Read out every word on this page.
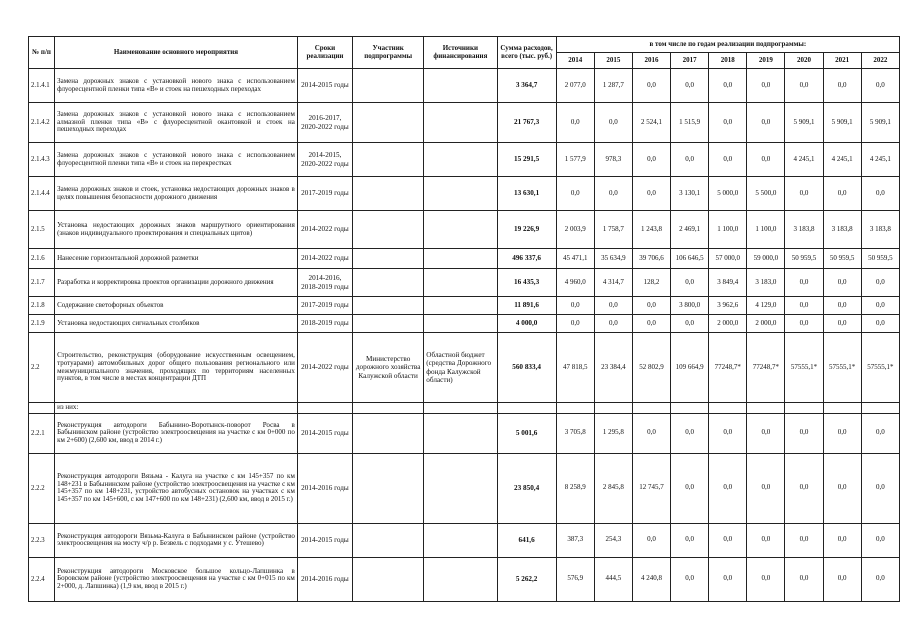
№ п/п	Наименование основного мероприятия	Сроки реализации	Участник подпрограммы	Источники финансирования	Сумма расходов, всего (тыс. руб.)	в том числе по годам реализации подпрограммы:								
						2014	2015	2016	2017	2018	2019	2020	2021	2022
2.1.4.1	Замена дорожных знаков с установкой нового знака с использованием флуоресцентной пленки типа «В» и стоек на пешеходных переходах	2014-2015 годы			3 364,7	2 077,0	1 287,7	0,0	0,0	0,0	0,0	0,0	0,0	0,0
2.1.4.2	Замена дорожных знаков с установкой нового знака с использованием алмазной пленки типа «В» с флуоресцентной окантовкой и стоек на пешеходных переходах	2016-2017, 2020-2022 годы			21 767,3	0,0	0,0	2 524,1	1 515,9	0,0	0,0	5 909,1	5 909,1	5 909,1
2.1.4.3	Замена дорожных знаков с установкой нового знака с использованием флуоресцентной пленки типа «В» и стоек на перекрестках	2014-2015, 2020-2022 годы			15 291,5	1 577,9	978,3	0,0	0,0	0,0	0,0	4 245,1	4 245,1	4 245,1
2.1.4.4	Замена дорожных знаков и стоек, установка недостающих дорожных знаков в целях повышения безопасности дорожного движения	2017-2019 годы			13 630,1	0,0	0,0	0,0	3 130,1	5 000,0	5 500,0	0,0	0,0	0,0
2.1.5	Установка недостающих дорожных знаков маршрутного ориентирования (знаков индивидуального проектирования и специальных щитов)	2014-2022 годы			19 226,9	2 003,9	1 758,7	1 243,8	2 469,1	1 100,0	1 100,0	3 183,8	3 183,8	3 183,8
2.1.6	Нанесение горизонтальной дорожной разметки	2014-2022 годы			496 337,6	45 471,1	35 634,9	39 706,6	106 646,5	57 000,0	59 000,0	50 959,5	50 959,5	50 959,5
2.1.7	Разработка и корректировка проектов организации дорожного движения	2014-2016, 2018-2019 годы			16 435,3	4 960,0	4 314,7	128,2	0,0	3 849,4	3 183,0	0,0	0,0	0,0
2.1.8	Содержание светофорных объектов	2017-2019 годы			11 891,6	0,0	0,0	0,0	3 800,0	3 962,6	4 129,0	0,0	0,0	0,0
2.1.9	Установка недостающих сигнальных столбиков	2018-2019 годы			4 000,0	0,0	0,0	0,0	0,0	2 000,0	2 000,0	0,0	0,0	0,0
2.2	Строительство, реконструкция (оборудование искусственным освещением, тротуарами) автомобильных дорог общего пользования регионального или межмуниципального значения, проходящих по территориям населенных пунктов, в том числе в местах концентрации ДТП	2014-2022 годы	Министерство дорожного хозяйства Калужской области	Областной бюджет (средства Дорожного фонда Калужской области)	560 833,4	47 818,5	23 384,4	52 802,9	109 664,9	77248,7*	77248,7*	57555,1*	57555,1*	57555,1*
	из них:													
2.2.1	Реконструкция автодороги Бабынино-Воротынск-поворот Росва в Бабынинском районе (устройство электроосвещения на участке с км 0+000 по км 2+600) (2,600 км, ввод в 2014 г.)	2014-2015 годы			5 001,6	3 705,8	1 295,8	0,0	0,0	0,0	0,0	0,0	0,0	0,0
2.2.2	Реконструкция автодороги Вязьма - Калуга на участке с км 145+357 по км 148+231 в Бабынинском районе (устройство электроосвещения на участке с км 145+357 по км 148+231, устройство автобусных остановок на участках с км 145+357 по км 145+600, с км 147+600 по км 148+231) (2,600 км, ввод в 2015 г.)	2014-2016 годы			23 850,4	8 258,9	2 845,8	12 745,7	0,0	0,0	0,0	0,0	0,0	0,0
2.2.3	Реконструкция автодороги Вязьма-Калуга в Бабынинском районе (устройство электроосвещения на мосту ч/р р. Безвель с подходами у с. Утешево)	2014-2015 годы			641,6	387,3	254,3	0,0	0,0	0,0	0,0	0,0	0,0	0,0
2.2.4	Реконструкция автодороги Московское большое кольцо-Лапшинка в Боровском районе (устройство электроосвещения на участке с км 0+015 по км 2+000, д. Лапшинка) (1,9 км, ввод в 2015 г.)	2014-2016 годы			5 262,2	576,9	444,5	4 240,8	0,0	0,0	0,0	0,0	0,0	0,0
